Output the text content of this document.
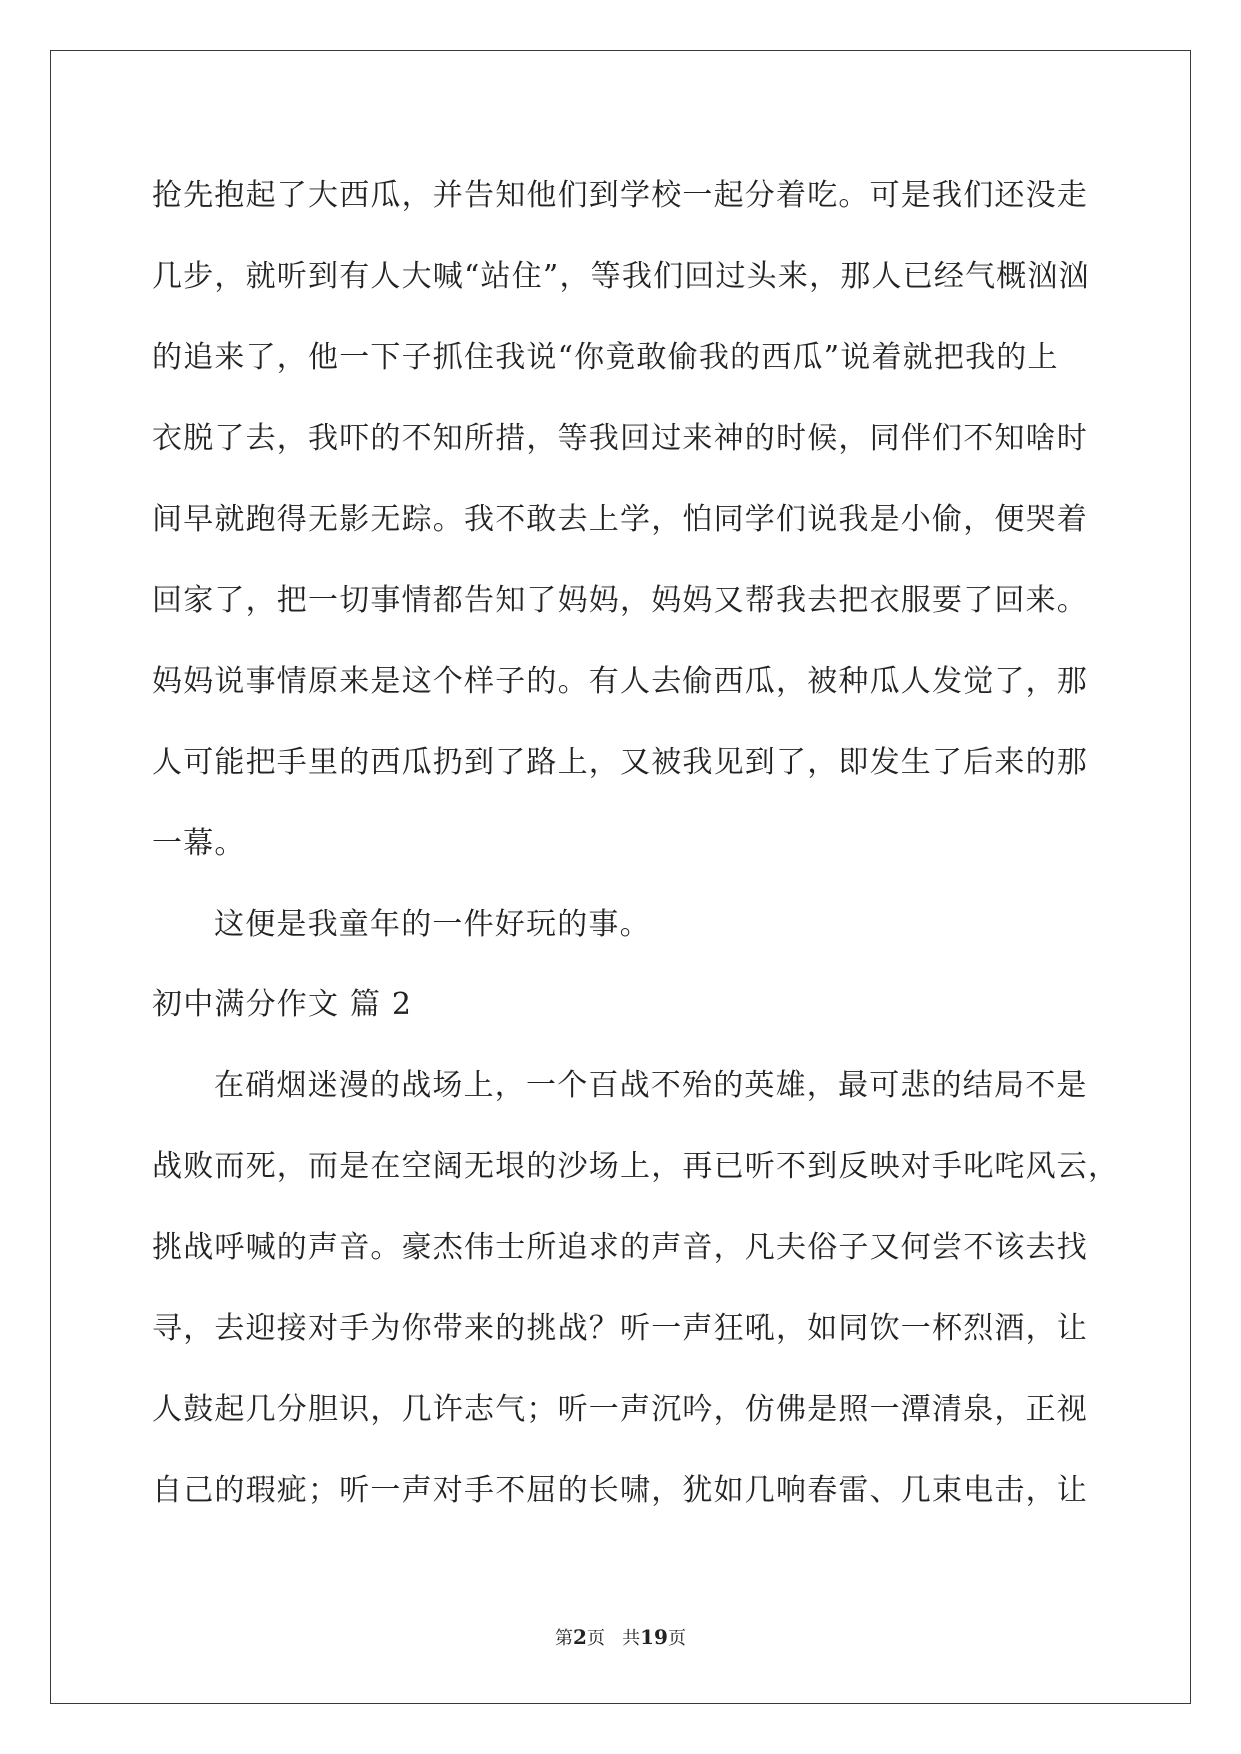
抢先抱起了大西瓜，并告知他们到学校一起分着吃。可是我们还没走
几步，就听到有人大喊“站住”，等我们回过头来，那人已经气概汹汹
的追来了，他一下子抓住我说“你竟敢偷我的西瓜”说着就把我的上
衣脱了去，我吓的不知所措，等我回过来神的时候，同伴们不知啥时
间早就跑得无影无踪。我不敢去上学，怕同学们说我是小偷，便哭着
回家了，把一切事情都告知了妈妈，妈妈又帮我去把衣服要了回来。
妈妈说事情原来是这个样子的。有人去偷西瓜，被种瓜人发觉了，那
人可能把手里的西瓜扔到了路上，又被我见到了，即发生了后来的那
一幕。
这便是我童年的一件好玩的事。
初中满分作文 篇 2
在硝烟迷漫的战场上，一个百战不殆的英雄，最可悲的结局不是
战败而死，而是在空阔无垠的沙场上，再已听不到反映对手叱咤风云，
挑战呼喊的声音。豪杰伟士所追求的声音，凡夫俗子又何尝不该去找
寻，去迎接对手为你带来的挑战？听一声狂吼，如同饮一杯烈酒，让
人鼓起几分胆识，几许志气；听一声沉吟，仿佛是照一潭清泉，正视
自己的瑕疵；听一声对手不屈的长啸，犹如几响春雷、几束电击，让
第2页   共19页
